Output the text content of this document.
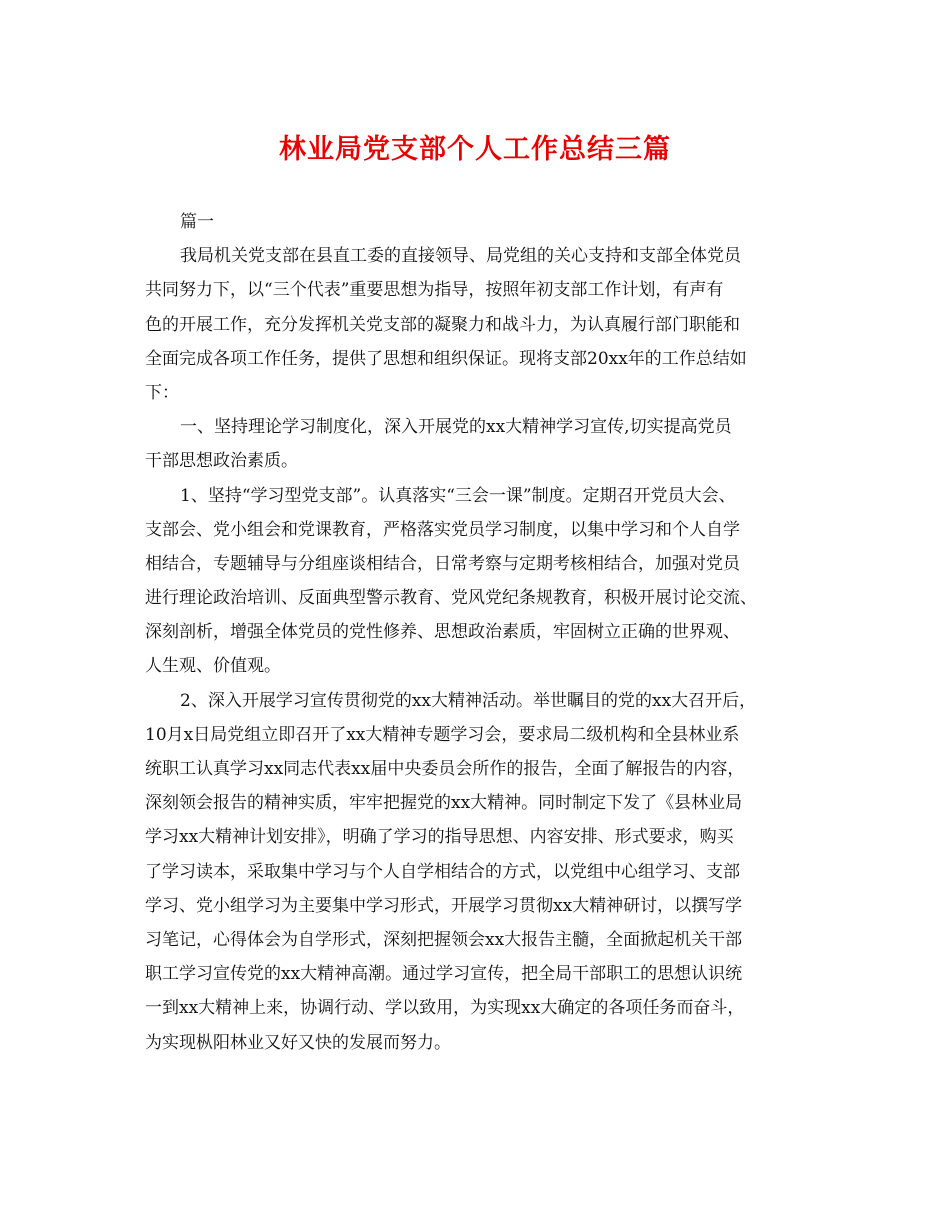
林业局党支部个人工作总结三篇
篇一
我局机关党支部在县直工委的直接领导、局党组的关心支持和支部全体党员
共同努力下，以“三个代表”重要思想为指导，按照年初支部工作计划，有声有
色的开展工作，充分发挥机关党支部的凝聚力和战斗力，为认真履行部门职能和
全面完成各项工作任务，提供了思想和组织保证。现将支部20xx年的工作总结如
下：
一、坚持理论学习制度化，深入开展党的xx大精神学习宣传,切实提高党员
干部思想政治素质。
1、坚持“学习型党支部”。认真落实“三会一课”制度。定期召开党员大会、
支部会、党小组会和党课教育，严格落实党员学习制度，以集中学习和个人自学
相结合，专题辅导与分组座谈相结合，日常考察与定期考核相结合，加强对党员
进行理论政治培训、反面典型警示教育、党风党纪条规教育，积极开展讨论交流、
深刻剖析，增强全体党员的党性修养、思想政治素质，牢固树立正确的世界观、
人生观、价值观。
2、深入开展学习宣传贯彻党的xx大精神活动。举世瞩目的党的xx大召开后，
10月x日局党组立即召开了xx大精神专题学习会，要求局二级机构和全县林业系
统职工认真学习xx同志代表xx届中央委员会所作的报告，全面了解报告的内容，
深刻领会报告的精神实质，牢牢把握党的xx大精神。同时制定下发了《县林业局
学习xx大精神计划安排》，明确了学习的指导思想、内容安排、形式要求，购买
了学习读本，采取集中学习与个人自学相结合的方式，以党组中心组学习、支部
学习、党小组学习为主要集中学习形式，开展学习贯彻xx大精神研讨，以撰写学
习笔记，心得体会为自学形式，深刻把握领会xx大报告主髓，全面掀起机关干部
职工学习宣传党的xx大精神高潮。通过学习宣传，把全局干部职工的思想认识统
一到xx大精神上来，协调行动、学以致用，为实现xx大确定的各项任务而奋斗，
为实现枞阳林业又好又快的发展而努力。
